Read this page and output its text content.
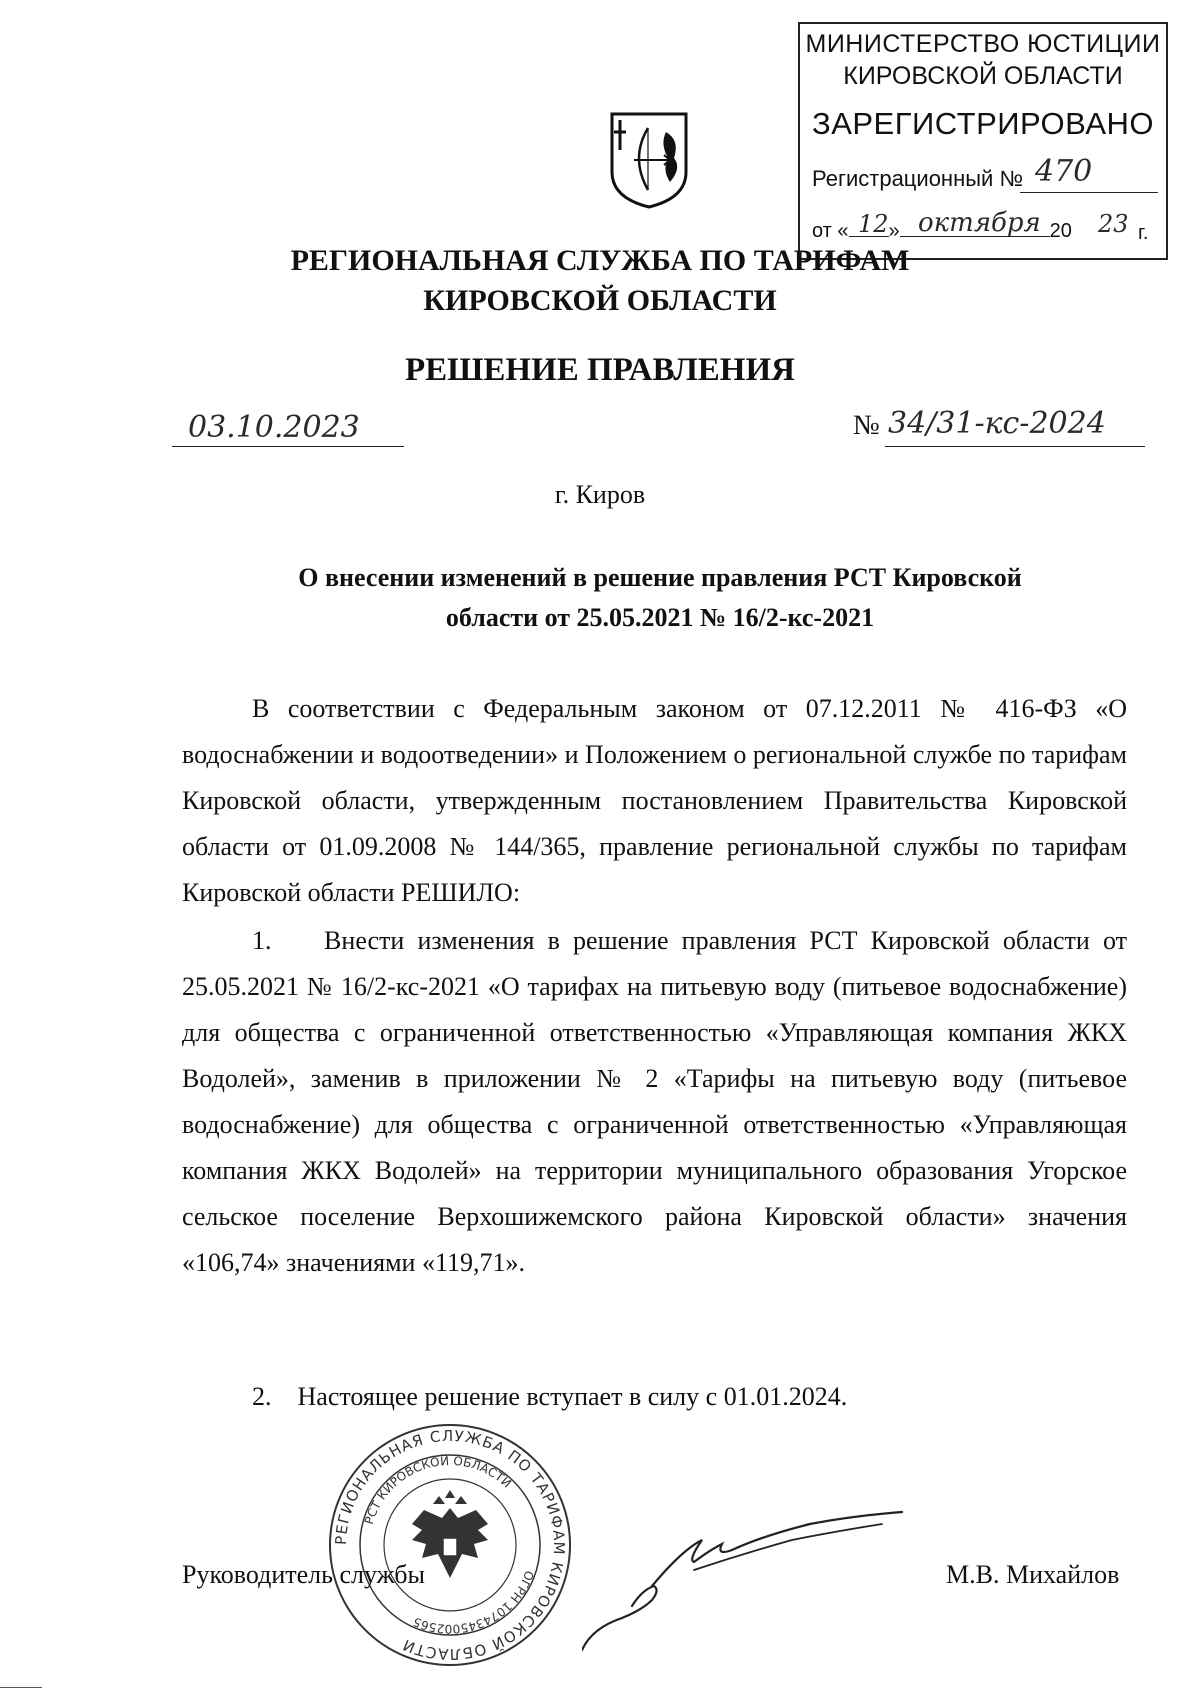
МИНИСТЕРСТВО ЮСТИЦИИ
КИРОВСКОЙ ОБЛАСТИ
ЗАРЕГИСТРИРОВАНО
Регистрационный № 470
от « »	20
12 октября 23 г.
РЕГИОНАЛЬНАЯ СЛУЖБА ПО ТАРИФАМ
КИРОВСКОЙ ОБЛАСТИ
РЕШЕНИЕ ПРАВЛЕНИЯ
03.10.2023	№ 34/31-кс-2024
г. Киров
О внесении изменений в решение правления РСТ Кировской области от 25.05.2021 № 16/2-кс-2021
В соответствии с Федеральным законом от 07.12.2011 № 416-ФЗ «О водоснабжении и водоотведении» и Положением о региональной службе по тарифам Кировской области, утвержденным постановлением Правительства Кировской области от 01.09.2008 № 144/365, правление региональной службы по тарифам Кировской области РЕШИЛО:
1.    Внести изменения в решение правления РСТ Кировской области от 25.05.2021 № 16/2-кс-2021 «О тарифах на питьевую воду (питьевое водоснабжение) для общества с ограниченной ответственностью «Управляющая компания ЖКХ Водолей», заменив в приложении № 2 «Тарифы на питьевую воду (питьевое водоснабжение) для общества с ограниченной ответственностью «Управляющая компания ЖКХ Водолей» на территории муниципального образования Угорское сельское поселение Верхошижемского района Кировской области» значения «106,74» значениями «119,71».
2.    Настоящее решение вступает в силу с 01.01.2024.
РЕГИОНАЛЬНАЯ СЛУЖБА ПО ТАРИФАМ КИРОВСКОЙ ОБЛАСТИ
РСТ КИРОВСКОЙ ОБЛАСТИ
ОГРН 1074345002565
Руководитель службы	М.В. Михайлов
